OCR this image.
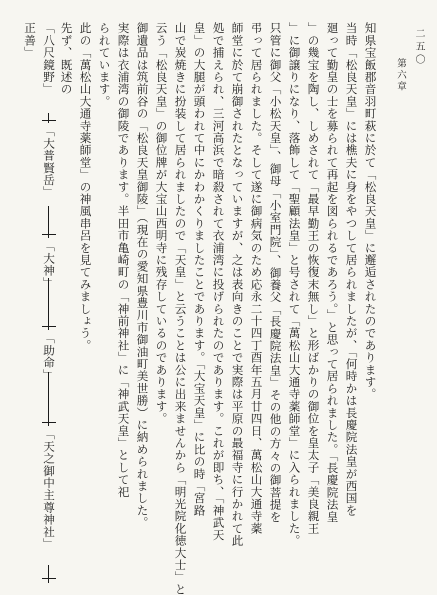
二五〇
第六章
知県宝飯郡音羽町萩に於て「松良天皇」に邂逅されたのであります。
当時「松良天皇」には樵夫に身をやつして居られましたが、「何時かは長慶院法皇が西国を
廻って勤皇の士を募られて再起を図られるであろう。」と思って居られました。「長慶院法皇
」の幾宝を陶し、しめされて「最早勤王の恢復末無し」と形ばかりの御位を皇太子「美良親王
」に御譲りになり、落飾して「聖顧法皇」と号されて「萬松山大通寺薬師堂」に入られました。
只管に御父「小松天皇」、御母「小室門院」、御養父「長慶院法皇」その他の方々の御菩提を
弔って居られました。そして遂に御病気のため応永二十四丁酉年五月廿四日、萬松山大通寺薬
師堂に於て崩御されたとなっていますが、之は表向きのことで実際は平原の最福寺に行かれて此
処で捕えられ、三河高浜で暗殺されて衣浦湾に投げられたのであります。これが即ち、「神武天
皇」の大腿が頭われて中にかわかくりましたことであります。「大宝天皇」に比の時「宮路
山で炭焼きに扮装して居られましたので「天皇」と云うことは公に出来ませんから「明光院化徳大士」と
云う「松良天皇」の御位牌が大宝山西明寺に残存しているのであります。
御遺品は筑前谷の「松良天皇御陵」（現在の愛知県豊川市御油町美世勝）に納められました。
実際は衣浦湾の御陵であります。半田市亀崎町の「神前神社」に「神武天皇」として祀
られています。
此の「萬松山大通寺薬師堂」の神風串呂を見てみましょう。
先ず、既述の
「八尺鏡野」
「大普賢岳」
「大神」
「助命」
「天之御中主尊神社」
正善」
